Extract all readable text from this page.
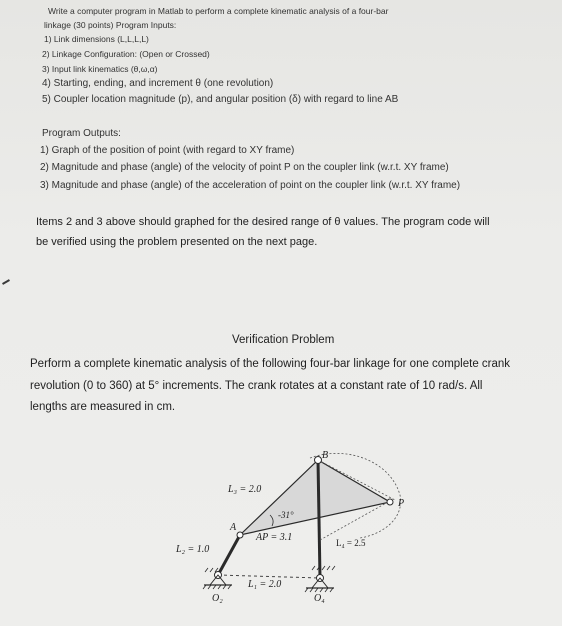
Write a computer program in Matlab to perform a complete kinematic analysis of a four-bar
linkage (30 points) Program Inputs:
1) Link dimensions (L,L,L,L)
2) Linkage Configuration: (Open or Crossed)
3) Input link kinematics (θ,ω,α)
4) Starting, ending, and increment θ (one revolution)
5) Coupler location magnitude (p), and angular position (δ) with regard to line AB
Program Outputs:
1) Graph of the position of point (with regard to XY frame)
2) Magnitude and phase (angle) of the velocity of point P on the coupler link (w.r.t. XY frame)
3) Magnitude and phase (angle) of the acceleration of point on the coupler link (w.r.t. XY frame)
Items 2 and 3 above should graphed for the desired range of θ values. The program code will
be verified using the problem presented on the next page.
Verification Problem
Perform a complete kinematic analysis of the following four-bar linkage for one complete crank
revolution (0 to 360) at 5° increments. The crank rotates at a constant rate of 10 rad/s. All
lengths are measured in cm.
B
A
P
L₃ = 2.0
-31°
AP = 3.1
L₂ = 1.0
L₄ = 2.5
L₁ = 2.0
O₂	O₄
